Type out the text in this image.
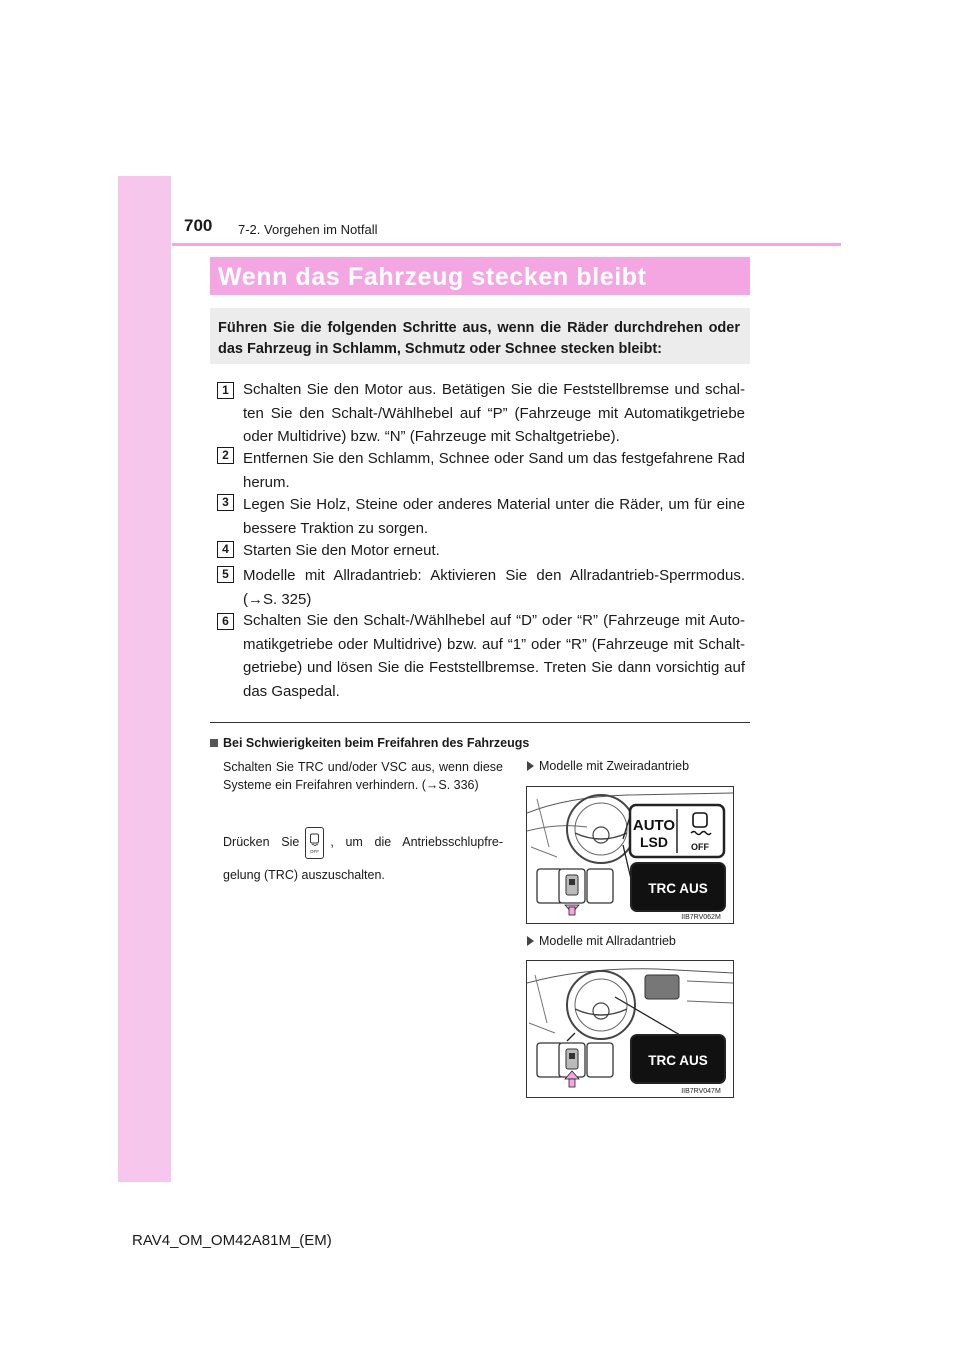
700 7-2. Vorgehen im Notfall
Wenn das Fahrzeug stecken bleibt
Führen Sie die folgenden Schritte aus, wenn die Räder durchdrehen oder das Fahrzeug in Schlamm, Schmutz oder Schnee stecken bleibt:
1 Schalten Sie den Motor aus. Betätigen Sie die Feststellbremse und schal-ten Sie den Schalt-/Wählhebel auf “P” (Fahrzeuge mit Automatikgetriebe oder Multidrive) bzw. “N” (Fahrzeuge mit Schaltgetriebe).
2 Entfernen Sie den Schlamm, Schnee oder Sand um das festgefahrene Rad herum.
3 Legen Sie Holz, Steine oder anderes Material unter die Räder, um für eine bessere Traktion zu sorgen.
4 Starten Sie den Motor erneut.
5 Modelle mit Allradantrieb: Aktivieren Sie den Allradantrieb-Sperrmodus. (→S. 325)
6 Schalten Sie den Schalt-/Wählhebel auf “D” oder “R” (Fahrzeuge mit Auto-matikgetriebe oder Multidrive) bzw. auf “1” oder “R” (Fahrzeuge mit Schalt-getriebe) und lösen Sie die Feststellbremse. Treten Sie dann vorsichtig auf das Gaspedal.
Bei Schwierigkeiten beim Freifahren des Fahrzeugs
Schalten Sie TRC und/oder VSC aus, wenn diese Systeme ein Freifahren verhindern. (→S. 336)
Drücken Sie
OFF
, um die Antriebsschlupfre-gelung (TRC) auszuschalten.
Modelle mit Zweiradantrieb
AUTO
LSD	OFF
TRC AUS
IIB7RV062M
Modelle mit Allradantrieb
TRC AUS
IIB7RV047M
RAV4_OM_OM42A81M_(EM)
